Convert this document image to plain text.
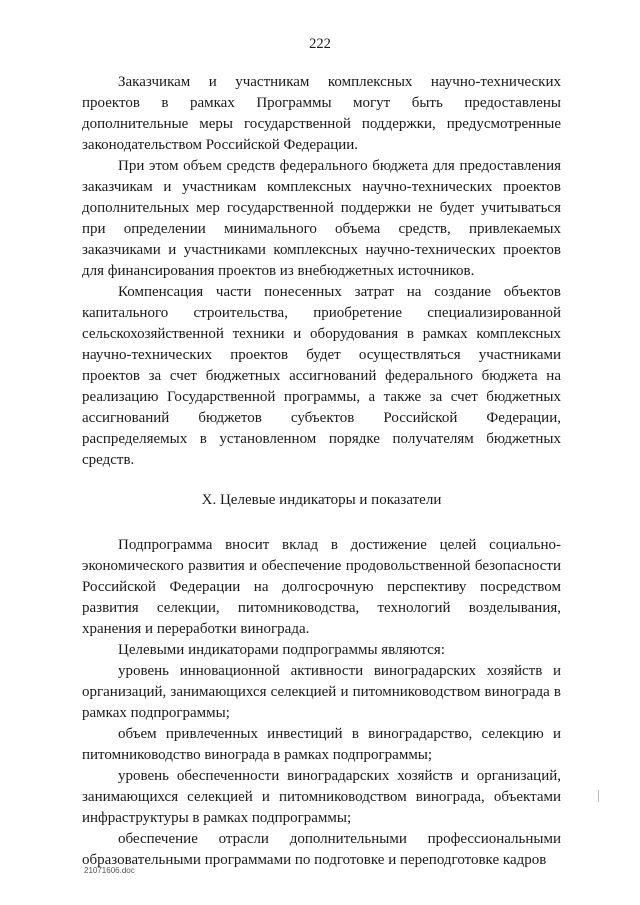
222

Заказчикам и участникам комплексных научно-технических проектов в рамках Программы могут быть предоставлены дополнительные меры государственной поддержки, предусмотренные законодательством Российской Федерации.

При этом объем средств федерального бюджета для предоставления заказчикам и участникам комплексных научно-технических проектов дополнительных мер государственной поддержки не будет учитываться при определении минимального объема средств, привлекаемых заказчиками и участниками комплексных научно-технических проектов для финансирования проектов из внебюджетных источников.

Компенсация части понесенных затрат на создание объектов капитального строительства, приобретение специализированной сельскохозяйственной техники и оборудования в рамках комплексных научно-технических проектов будет осуществляться участниками проектов за счет бюджетных ассигнований федерального бюджета на реализацию Государственной программы, а также за счет бюджетных ассигнований бюджетов субъектов Российской Федерации, распределяемых в установленном порядке получателям бюджетных средств.

X. Целевые индикаторы и показатели

Подпрограмма вносит вклад в достижение целей социально-экономического развития и обеспечение продовольственной безопасности Российской Федерации на долгосрочную перспективу посредством развития селекции, питомниководства, технологий возделывания, хранения и переработки винограда.

Целевыми индикаторами подпрограммы являются:

уровень инновационной активности виноградарских хозяйств и организаций, занимающихся селекцией и питомниководством винограда в рамках подпрограммы;

объем привлеченных инвестиций в виноградарство, селекцию и питомниководство винограда в рамках подпрограммы;

уровень обеспеченности виноградарских хозяйств и организаций, занимающихся селекцией и питомниководством винограда, объектами инфраструктуры в рамках подпрограммы;

обеспечение отрасли дополнительными профессиональными образовательными программами по подготовке и переподготовке кадров

21071606.doc
